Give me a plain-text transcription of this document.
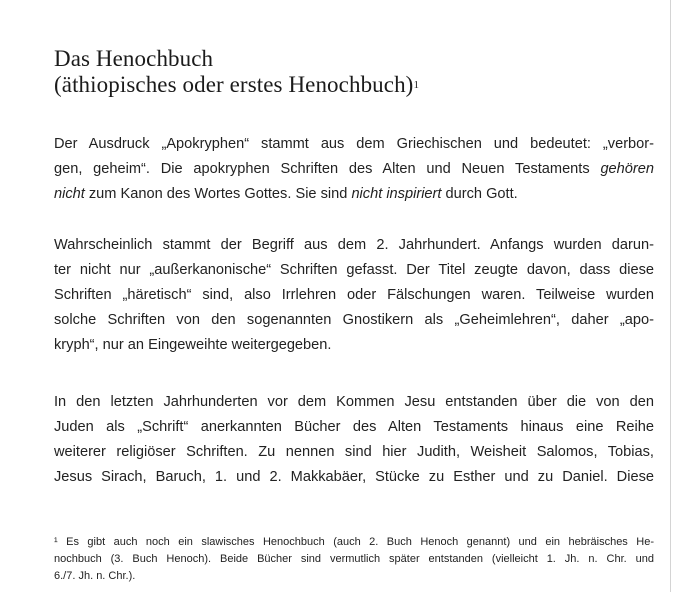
Das Henochbuch
(äthiopisches oder erstes Henochbuch)$^1$
Der Ausdruck „Apokryphen“ stammt aus dem Griechischen und bedeutet: „verbor-
gen, geheim“. Die apokryphen Schriften des Alten und Neuen Testaments gehören
nicht zum Kanon des Wortes Gottes. Sie sind nicht inspiriert durch Gott.
Wahrscheinlich stammt der Begriff aus dem 2. Jahrhundert. Anfangs wurden darun-
ter nicht nur „außerkanonische“ Schriften gefasst. Der Titel zeugte davon, dass diese
Schriften „häretisch“ sind, also Irrlehren oder Fälschungen waren. Teilweise wurden
solche Schriften von den sogenannten Gnostikern als „Geheimlehren“, daher „apo-
kryph“, nur an Eingeweihte weitergegeben.
In den letzten Jahrhunderten vor dem Kommen Jesu entstanden über die von den
Juden als „Schrift“ anerkannten Bücher des Alten Testaments hinaus eine Reihe
weiterer religiöser Schriften. Zu nennen sind hier Judith, Weisheit Salomos, Tobias,
Jesus Sirach, Baruch, 1. und 2. Makkabäer, Stücke zu Esther und zu Daniel. Diese
¹ Es gibt auch noch ein slawisches Henochbuch (auch 2. Buch Henoch genannt) und ein hebräisches He-
nochbuch (3. Buch Henoch). Beide Bücher sind vermutlich später entstanden (vielleicht 1. Jh. n. Chr. und
6./7. Jh. n. Chr.).
